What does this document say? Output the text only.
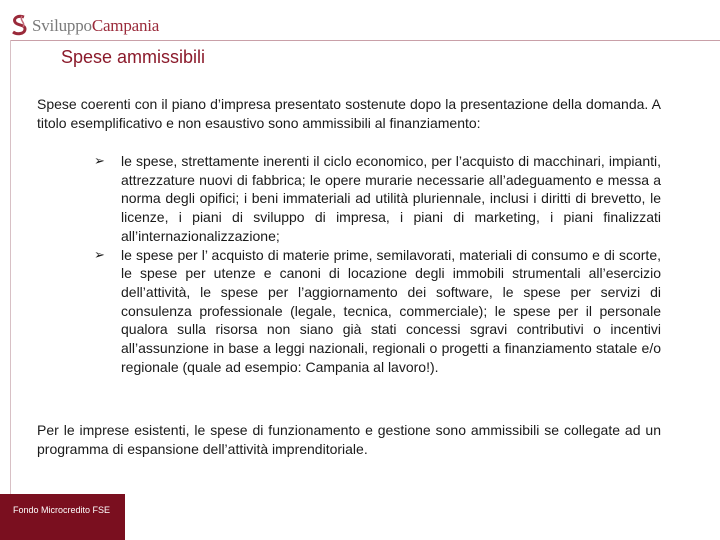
SviluppoCampania
Spese ammissibili

Spese coerenti con il piano d’impresa presentato sostenute dopo la presentazione della domanda. A titolo esemplificativo e non esaustivo sono ammissibili al finanziamento:

➢ le spese, strettamente inerenti il ciclo economico, per l’acquisto di macchinari, impianti, attrezzature nuovi di fabbrica; le opere murarie necessarie all’adeguamento e messa a norma degli opifici; i beni immateriali ad utilità pluriennale, inclusi i diritti di brevetto, le licenze, i piani di sviluppo di impresa, i piani di marketing, i piani finalizzati all’internazionalizzazione;
➢ le spese per l’ acquisto di materie prime, semilavorati, materiali di consumo e di scorte, le spese per utenze e canoni di locazione degli immobili strumentali all’esercizio dell’attività, le spese per l’aggiornamento dei software, le spese per servizi di consulenza professionale (legale, tecnica, commerciale); le spese per il personale qualora sulla risorsa non siano già stati concessi sgravi contributivi o incentivi all’assunzione in base a leggi nazionali, regionali o progetti a finanziamento statale e/o regionale (quale ad esempio: Campania al lavoro!).

Per le imprese esistenti, le spese di funzionamento e gestione sono ammissibili se collegate ad un programma di espansione dell’attività imprenditoriale.

Fondo Microcredito FSE
